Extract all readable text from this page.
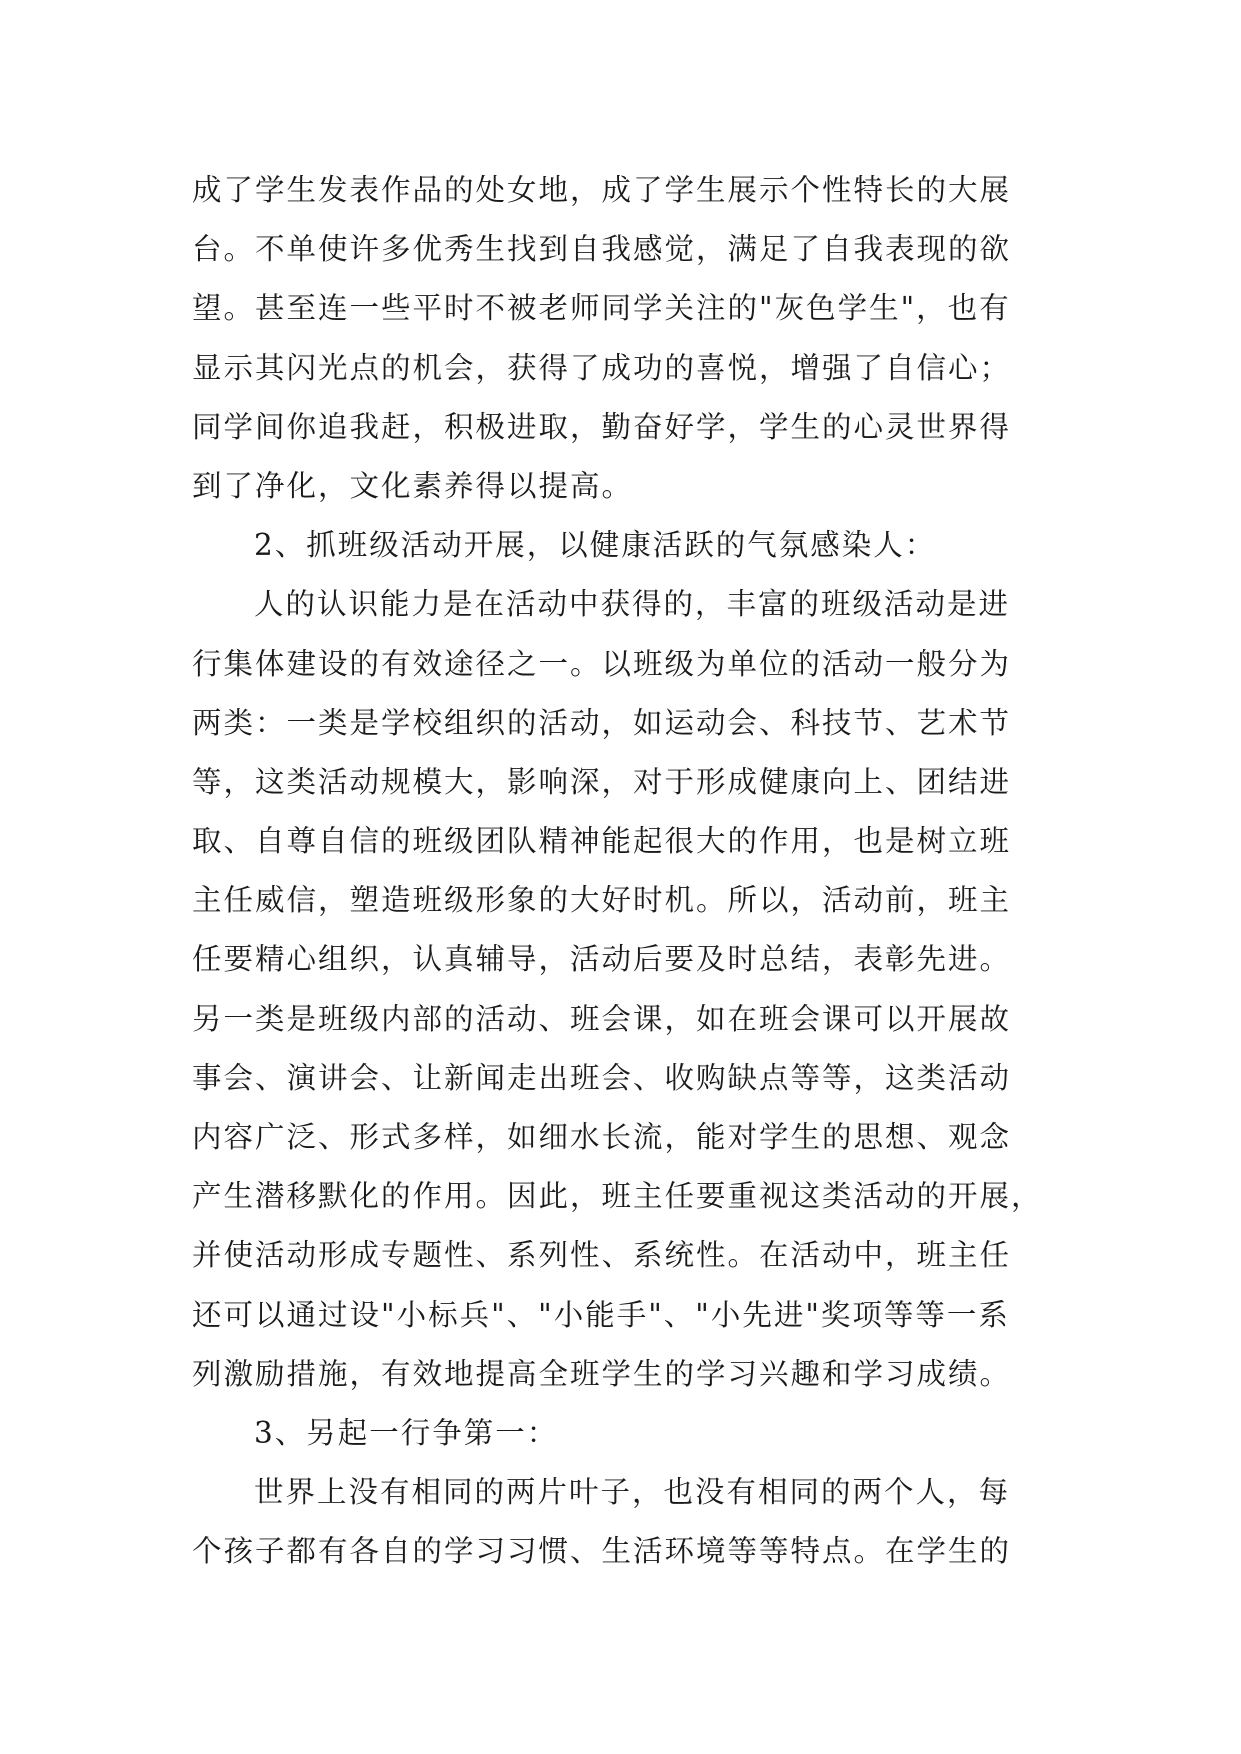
成了学生发表作品的处女地，成了学生展示个性特长的大展
台。不单使许多优秀生找到自我感觉，满足了自我表现的欲
望。甚至连一些平时不被老师同学关注的"灰色学生"，也有
显示其闪光点的机会，获得了成功的喜悦，增强了自信心；
同学间你追我赶，积极进取，勤奋好学，学生的心灵世界得
到了净化，文化素养得以提高。
2、抓班级活动开展，以健康活跃的气氛感染人：
人的认识能力是在活动中获得的，丰富的班级活动是进
行集体建设的有效途径之一。以班级为单位的活动一般分为
两类：一类是学校组织的活动，如运动会、科技节、艺术节
等，这类活动规模大，影响深，对于形成健康向上、团结进
取、自尊自信的班级团队精神能起很大的作用，也是树立班
主任威信，塑造班级形象的大好时机。所以，活动前，班主
任要精心组织，认真辅导，活动后要及时总结，表彰先进。
另一类是班级内部的活动、班会课，如在班会课可以开展故
事会、演讲会、让新闻走出班会、收购缺点等等，这类活动
内容广泛、形式多样，如细水长流，能对学生的思想、观念
产生潜移默化的作用。因此，班主任要重视这类活动的开展，
并使活动形成专题性、系列性、系统性。在活动中，班主任
还可以通过设"小标兵"、"小能手"、"小先进"奖项等等一系
列激励措施，有效地提高全班学生的学习兴趣和学习成绩。
3、另起一行争第一：
世界上没有相同的两片叶子，也没有相同的两个人，每
个孩子都有各自的学习习惯、生活环境等等特点。在学生的
